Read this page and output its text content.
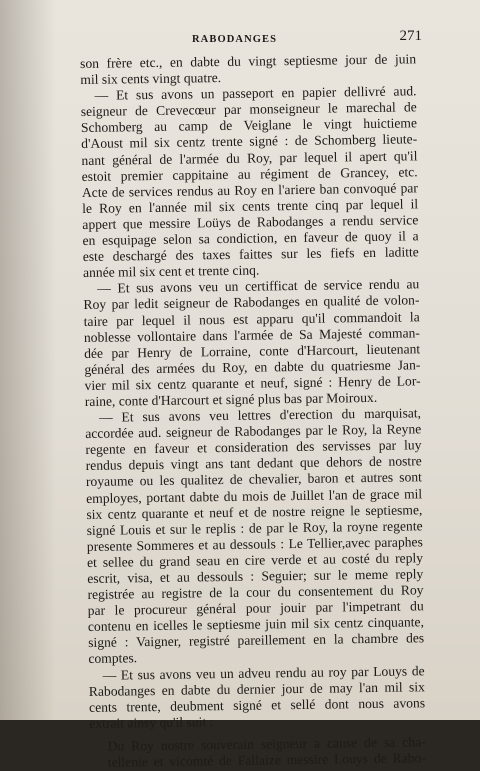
RABODANGES	271
son frère etc., en dabte du vingt septiesme jour de juin
mil six cents vingt quatre.
— Et sus avons un passeport en papier dellivré aud.
seigneur de Crevecœur par monseigneur le marechal de
Schomberg au camp de Veiglane le vingt huictieme
d'Aoust mil six centz trente signé : de Schomberg lieute-
nant général de l'armée du Roy, par lequel il apert qu'il
estoit premier cappitaine au régiment de Grancey, etc.
Acte de services rendus au Roy en l'ariere ban convoqué par
le Roy en l'année mil six cents trente cinq par lequel il
appert que messire Loüys de Rabodanges a rendu service
en esquipage selon sa condiction, en faveur de quoy il a
este deschargé des taxes faittes sur les fiefs en laditte
année mil six cent et trente cinq.
— Et sus avons veu un certifficat de service rendu au
Roy par ledit seigneur de Rabodanges en qualité de volon-
taire par lequel il nous est apparu qu'il commandoit la
noblesse vollontaire dans l'armée de Sa Majesté comman-
dée par Henry de Lorraine, conte d'Harcourt, lieutenant
général des armées du Roy, en dabte du quatriesme Jan-
vier mil six centz quarante et neuf, signé : Henry de Lor-
raine, conte d'Harcourt et signé plus bas par Moiroux.
— Et sus avons veu lettres d'erection du marquisat,
accordée aud. seigneur de Rabodanges par le Roy, la Reyne
regente en faveur et consideration des servisses par luy
rendus depuis vingt ans tant dedant que dehors de nostre
royaume ou les qualitez de chevalier, baron et autres sont
employes, portant dabte du mois de Juillet l'an de grace mil
six centz quarante et neuf et de nostre reigne le septiesme,
signé Louis et sur le replis : de par le Roy, la royne regente
presente Sommeres et au dessouls : Le Tellier,avec paraphes
et sellee du grand seau en cire verde et au costé du reply
escrit, visa, et au dessouls : Seguier; sur le meme reply
registrée au registre de la cour du consentement du Roy
par le procureur général pour jouir par l'impetrant du
contenu en icelles le septiesme juin mil six centz cinquante,
signé : Vaigner, registré pareillement en la chambre des
comptes.
— Et sus avons veu un adveu rendu au roy par Louys de
Rabodanges en dabte du dernier jour de may l'an mil six
cents trente, deubment signé et sellé dont nous avons
extrait ainsy qu'il suit :
Du Roy nostre souverain seigneur a cause de sa cha-
tellenie et vicomté de Fallaize messire Louys de Rabo-
